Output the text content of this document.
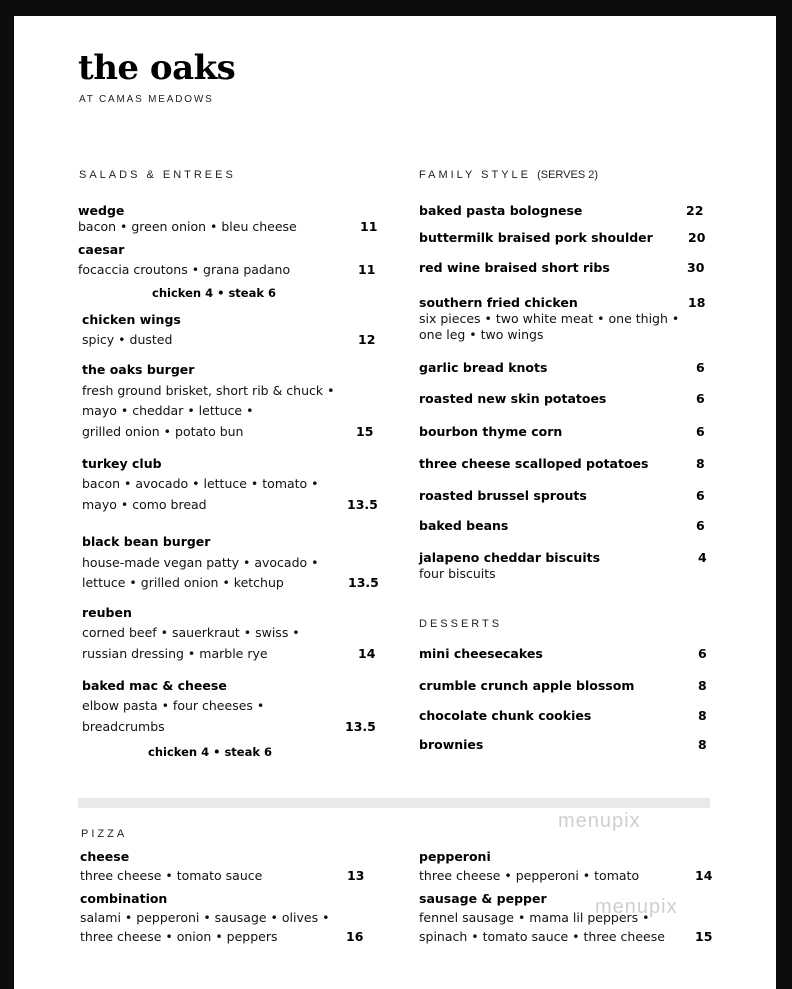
the oaks
AT CAMAS MEADOWS
SALADS & ENTREES
wedge
bacon • green onion • bleu cheese	11
caesar
focaccia croutons • grana padano	11
chicken 4 • steak 6
chicken wings
spicy • dusted	12
the oaks burger
fresh ground brisket, short rib & chuck •
mayo • cheddar • lettuce •
grilled onion • potato bun	15
turkey club
bacon • avocado • lettuce • tomato •
mayo • como bread	13.5
black bean burger
house-made vegan patty • avocado •
lettuce • grilled onion • ketchup	13.5
reuben
corned beef • sauerkraut • swiss •
russian dressing • marble rye	14
baked mac & cheese
elbow pasta • four cheeses •
breadcrumbs	13.5
chicken 4 • steak 6
FAMILY STYLE (SERVES 2)
baked pasta bolognese	22
buttermilk braised pork shoulder	20
red wine braised short ribs	30
southern fried chicken	18
six pieces • two white meat • one thigh •
one leg • two wings
garlic bread knots	6
roasted new skin potatoes	6
bourbon thyme corn	6
three cheese scalloped potatoes	8
roasted brussel sprouts	6
baked beans	6
jalapeno cheddar biscuits	4
four biscuits
DESSERTS
mini cheesecakes	6
crumble crunch apple blossom	8
chocolate chunk cookies	8
brownies	8
PIZZA
cheese
three cheese • tomato sauce	13
combination
salami • pepperoni • sausage • olives •
three cheese • onion • peppers	16
pepperoni
three cheese • pepperoni • tomato	14
sausage & pepper
fennel sausage • mama lil peppers •
spinach • tomato sauce • three cheese 15
menupix
menupix
